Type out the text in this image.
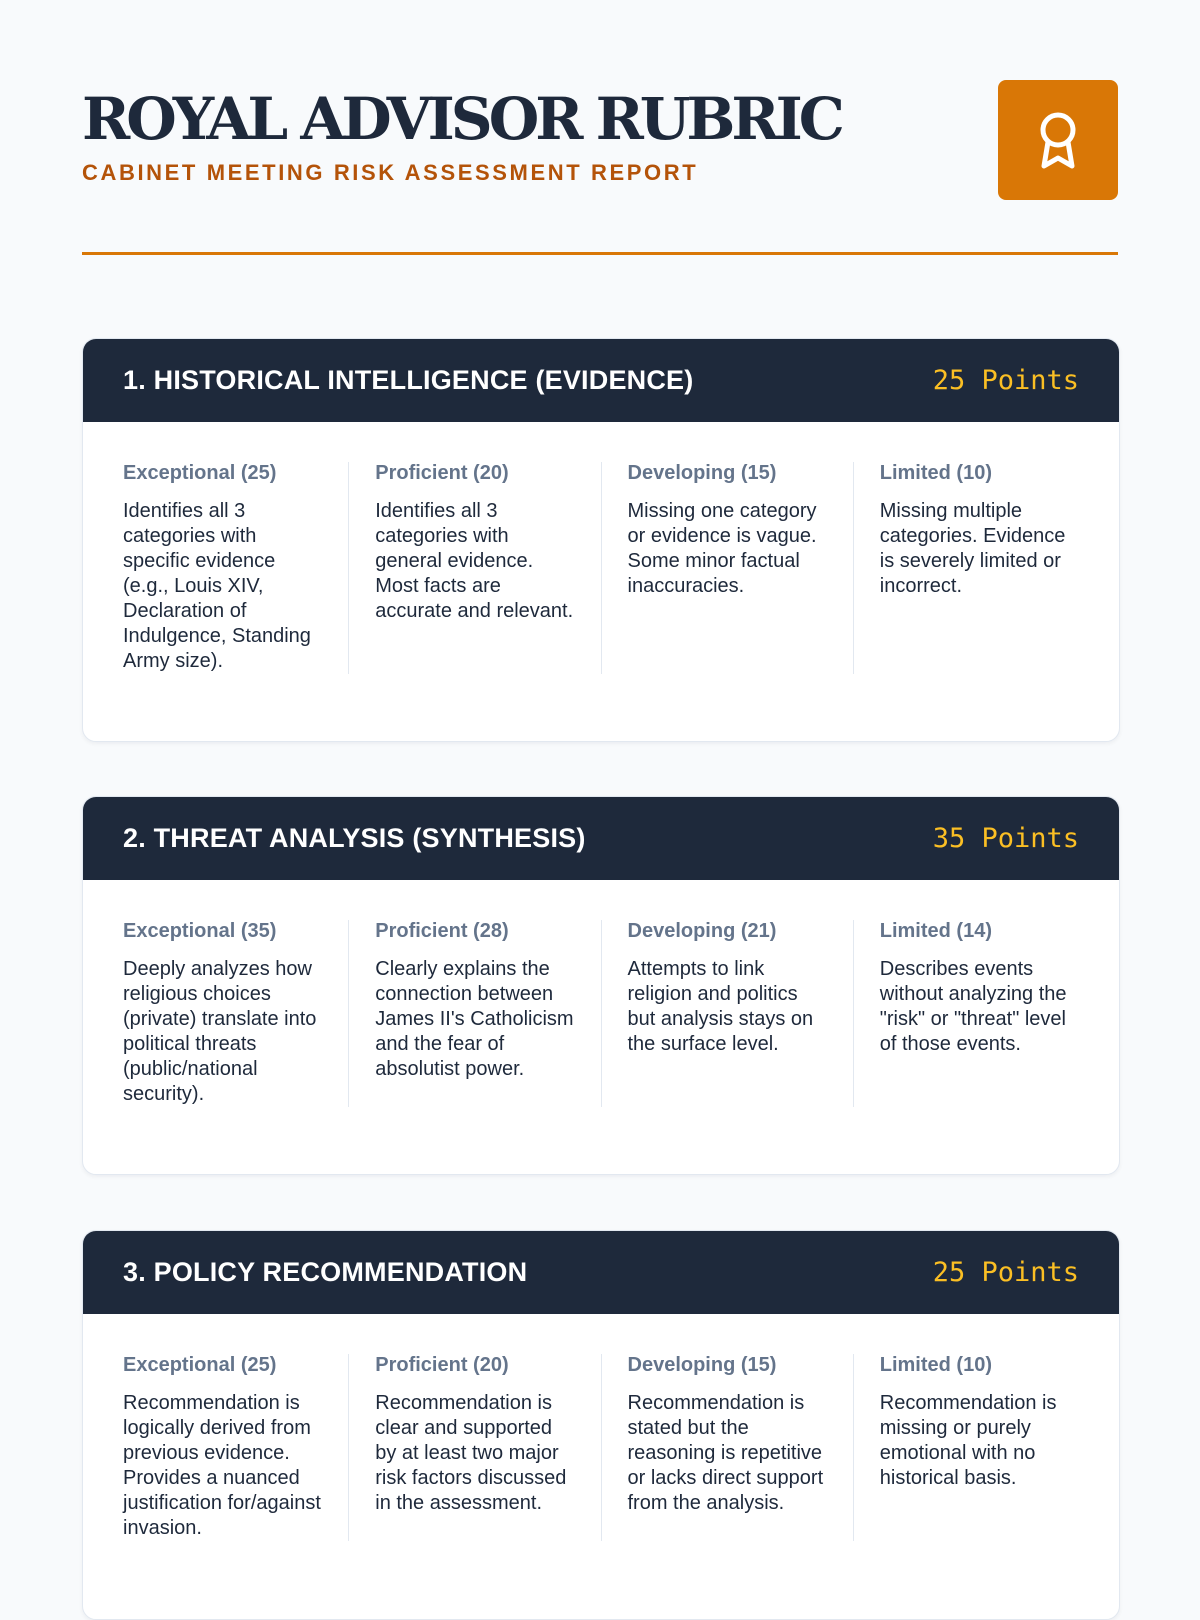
ROYAL ADVISOR RUBRIC
CABINET MEETING RISK ASSESSMENT REPORT
1. HISTORICAL INTELLIGENCE (EVIDENCE)	25 Points
Exceptional (25)
Identifies all 3 categories with specific evidence (e.g., Louis XIV, Declaration of Indulgence, Standing Army size).
Proficient (20)
Identifies all 3 categories with general evidence. Most facts are accurate and relevant.
Developing (15)
Missing one category or evidence is vague. Some minor factual inaccuracies.
Limited (10)
Missing multiple categories. Evidence is severely limited or incorrect.
2. THREAT ANALYSIS (SYNTHESIS)	35 Points
Exceptional (35)
Deeply analyzes how religious choices (private) translate into political threats (public/national security).
Proficient (28)
Clearly explains the connection between James II's Catholicism and the fear of absolutist power.
Developing (21)
Attempts to link religion and politics but analysis stays on the surface level.
Limited (14)
Describes events without analyzing the "risk" or "threat" level of those events.
3. POLICY RECOMMENDATION	25 Points
Exceptional (25)
Recommendation is logically derived from previous evidence. Provides a nuanced justification for/against invasion.
Proficient (20)
Recommendation is clear and supported by at least two major risk factors discussed in the assessment.
Developing (15)
Recommendation is stated but the reasoning is repetitive or lacks direct support from the analysis.
Limited (10)
Recommendation is missing or purely emotional with no historical basis.
